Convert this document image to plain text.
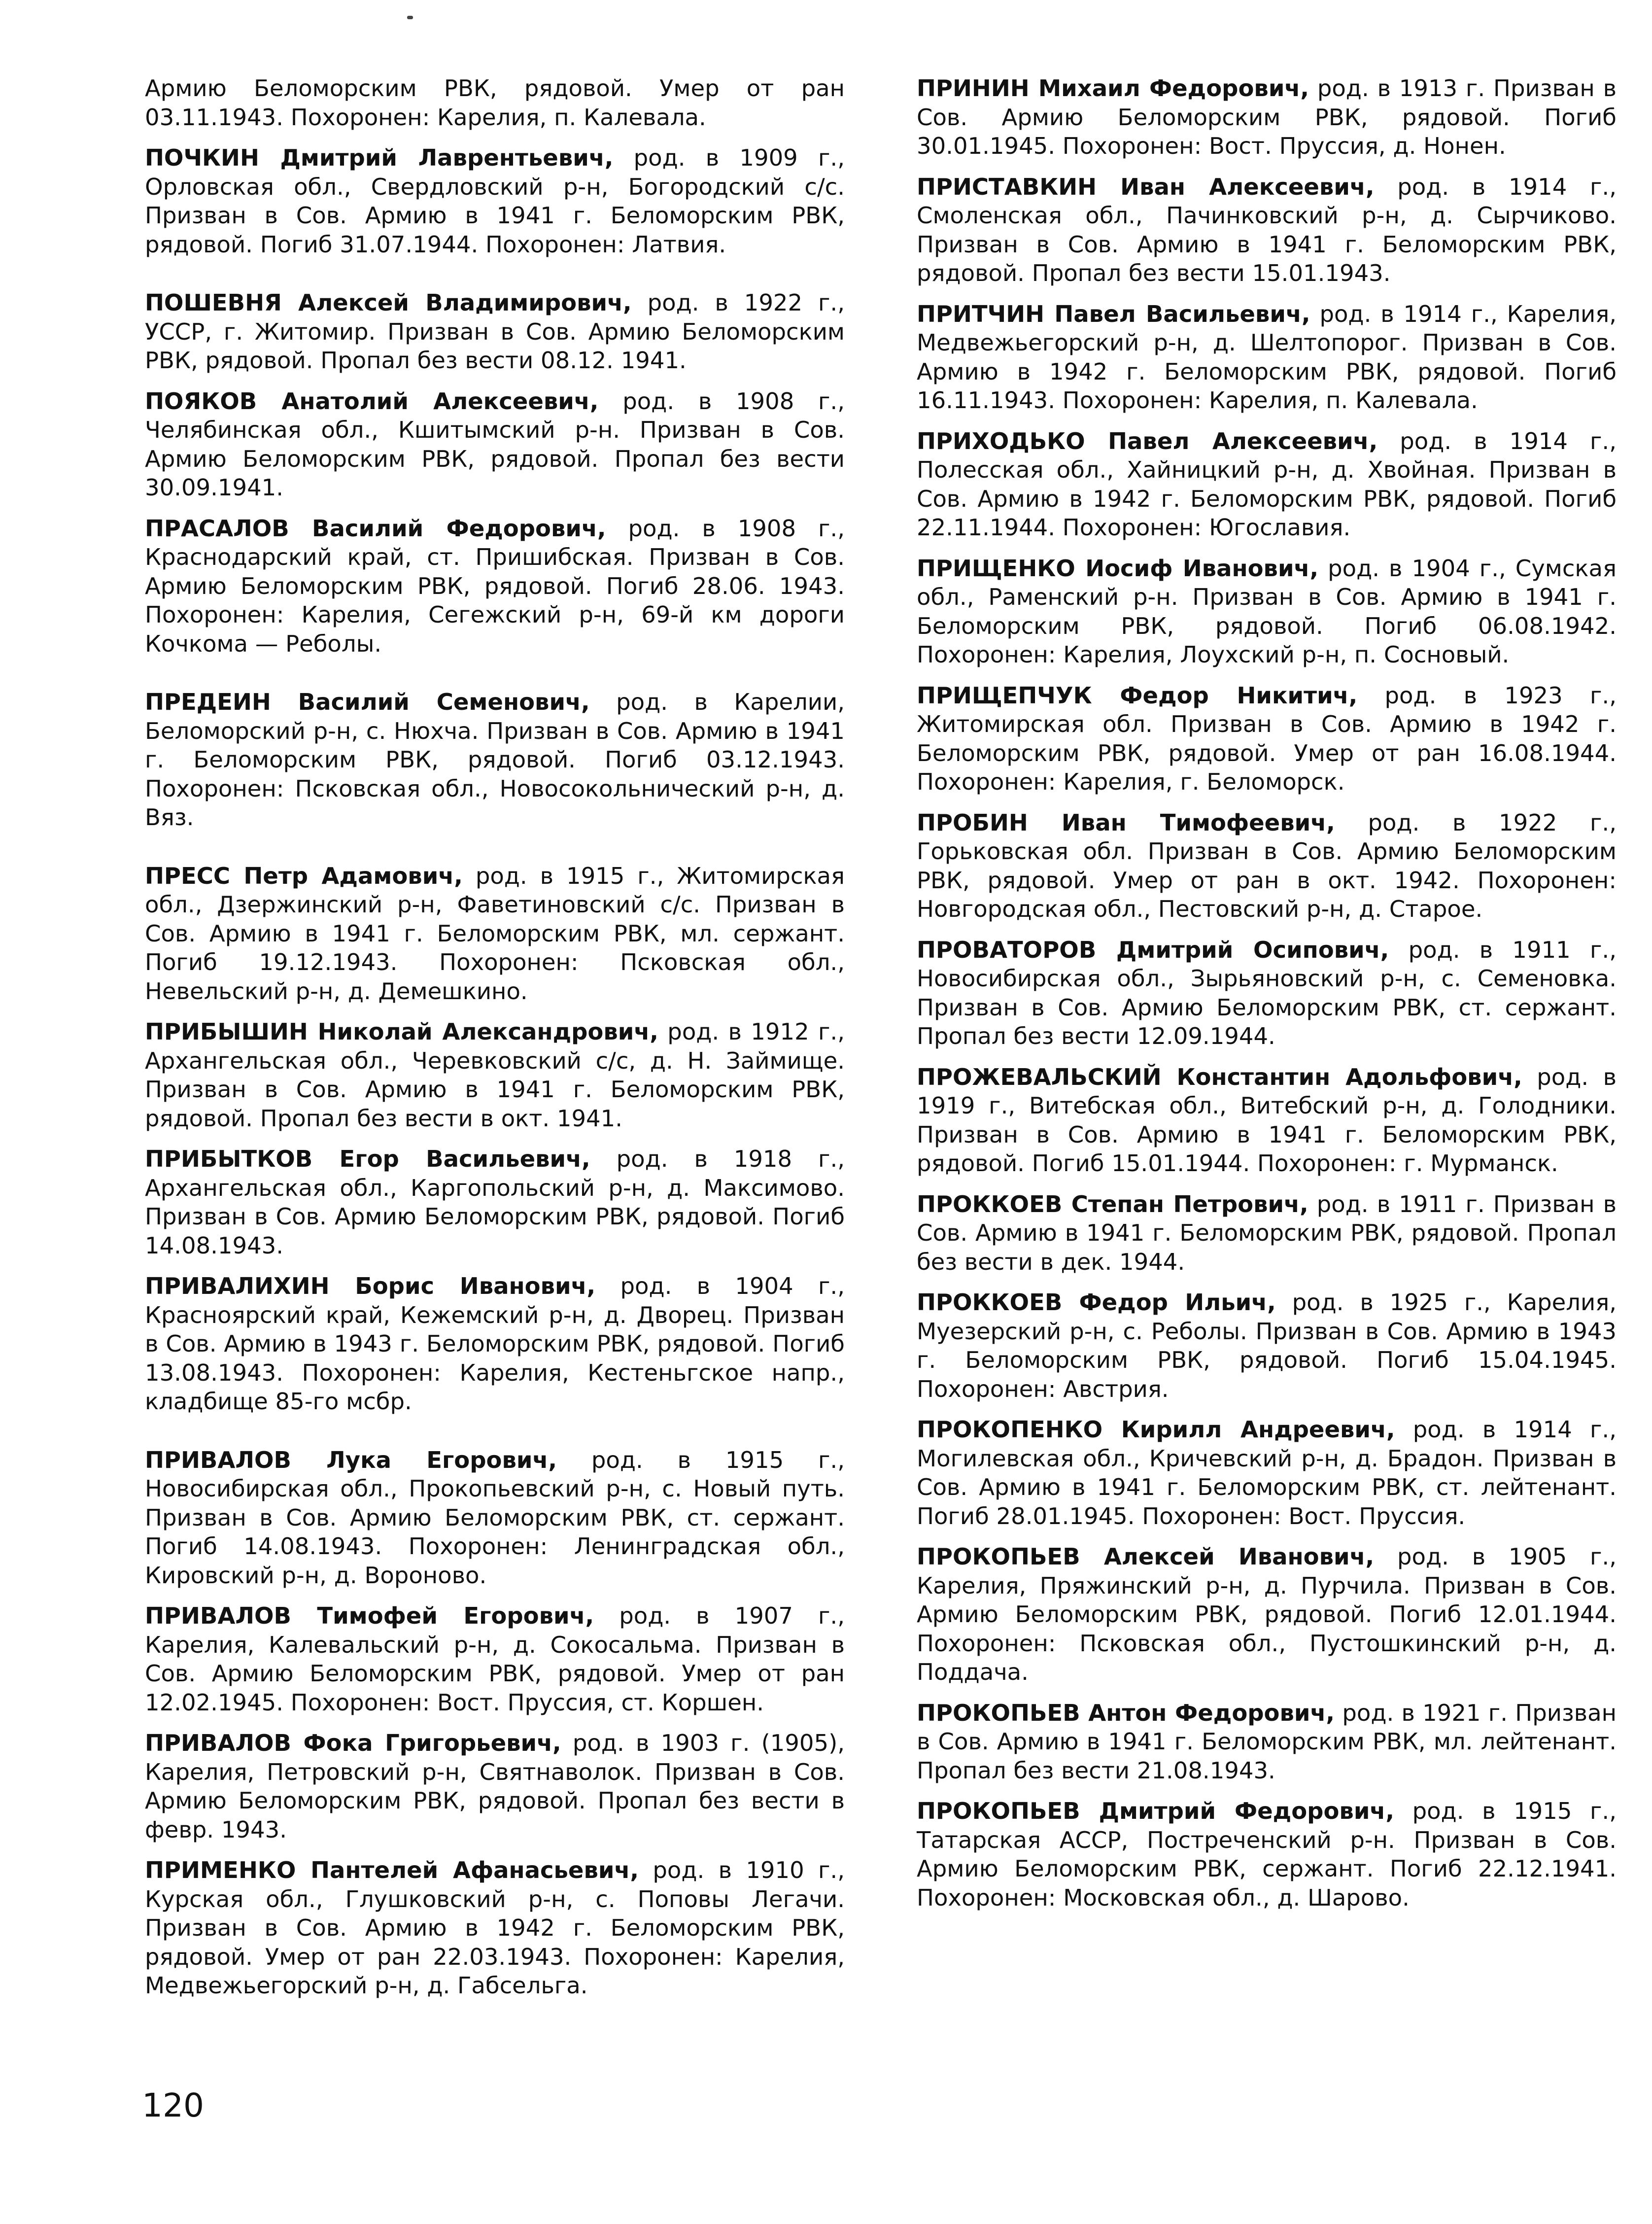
Армию Беломорским РВК, рядовой. Умер от ран 03.11.1943. Похоронен: Карелия, п. Калевала.

ПОЧКИН Дмитрий Лаврентьевич, род. в 1909 г., Орловская обл., Свердловский р-н, Богородский с/с. Призван в Сов. Армию в 1941 г. Беломорским РВК, рядовой. Погиб 31.07.1944. Похоронен: Латвия.

ПОШЕВНЯ Алексей Владимирович, род. в 1922 г., УССР, г. Житомир. Призван в Сов. Армию Беломорским РВК, рядовой. Пропал без вести 08.12. 1941.

ПОЯКОВ Анатолий Алексеевич, род. в 1908 г., Челябинская обл., Кшитымский р-н. Призван в Сов. Армию Беломорским РВК, рядовой. Пропал без вести 30.09.1941.

ПРАСАЛОВ Василий Федорович, род. в 1908 г., Краснодарский край, ст. Пришибская. Призван в Сов. Армию Беломорским РВК, рядовой. Погиб 28.06. 1943. Похоронен: Карелия, Сегежский р-н, 69-й км дороги Кочкома — Реболы.

ПРЕДЕИН Василий Семенович, род. в Карелии, Беломорский р-н, с. Нюхча. Призван в Сов. Армию в 1941 г. Беломорским РВК, рядовой. Погиб 03.12.1943. Похоронен: Псковская обл., Новосокольнический р-н, д. Вяз.

ПРЕСС Петр Адамович, род. в 1915 г., Житомирская обл., Дзержинский р-н, Фаветиновский с/с. Призван в Сов. Армию в 1941 г. Беломорским РВК, мл. сержант. Погиб 19.12.1943. Похоронен: Псковская обл., Невельский р-н, д. Демешкино.

ПРИБЫШИН Николай Александрович, род. в 1912 г., Архангельская обл., Черевковский с/с, д. Н. Займище. Призван в Сов. Армию в 1941 г. Беломорским РВК, рядовой. Пропал без вести в окт. 1941.

ПРИБЫТКОВ Егор Васильевич, род. в 1918 г., Архангельская обл., Каргопольский р-н, д. Максимово. Призван в Сов. Армию Беломорским РВК, рядовой. Погиб 14.08.1943.

ПРИВАЛИХИН Борис Иванович, род. в 1904 г., Красноярский край, Кежемский р-н, д. Дворец. Призван в Сов. Армию в 1943 г. Беломорским РВК, рядовой. Погиб 13.08.1943. Похоронен: Карелия, Кестеньгское напр., кладбище 85-го мсбр.

ПРИВАЛОВ Лука Егорович, род. в 1915 г., Новосибирская обл., Прокопьевский р-н, с. Новый путь. Призван в Сов. Армию Беломорским РВК, ст. сержант. Погиб 14.08.1943. Похоронен: Ленинградская обл., Кировский р-н, д. Вороново.

ПРИВАЛОВ Тимофей Егорович, род. в 1907 г., Карелия, Калевальский р-н, д. Сокосальма. Призван в Сов. Армию Беломорским РВК, рядовой. Умер от ран 12.02.1945. Похоронен: Вост. Пруссия, ст. Коршен.

ПРИВАЛОВ Фока Григорьевич, род. в 1903 г. (1905), Карелия, Петровский р-н, Святнаволок. Призван в Сов. Армию Беломорским РВК, рядовой. Пропал без вести в февр. 1943.

ПРИМЕНКО Пантелей Афанасьевич, род. в 1910 г., Курская обл., Глушковский р-н, с. Поповы Легачи. Призван в Сов. Армию в 1942 г. Беломорским РВК, рядовой. Умер от ран 22.03.1943. Похоронен: Карелия, Медвежьегорский р-н, д. Габсельга.

ПРИНИН Михаил Федорович, род. в 1913 г. Призван в Сов. Армию Беломорским РВК, рядовой. Погиб 30.01.1945. Похоронен: Вост. Пруссия, д. Нонен.

ПРИСТАВКИН Иван Алексеевич, род. в 1914 г., Смоленская обл., Пачинковский р-н, д. Сырчиково. Призван в Сов. Армию в 1941 г. Беломорским РВК, рядовой. Пропал без вести 15.01.1943.

ПРИТЧИН Павел Васильевич, род. в 1914 г., Карелия, Медвежьегорский р-н, д. Шелтопорог. Призван в Сов. Армию в 1942 г. Беломорским РВК, рядовой. Погиб 16.11.1943. Похоронен: Карелия, п. Калевала.

ПРИХОДЬКО Павел Алексеевич, род. в 1914 г., Полесская обл., Хайницкий р-н, д. Хвойная. Призван в Сов. Армию в 1942 г. Беломорским РВК, рядовой. Погиб 22.11.1944. Похоронен: Югославия.

ПРИЩЕНКО Иосиф Иванович, род. в 1904 г., Сумская обл., Раменский р-н. Призван в Сов. Армию в 1941 г. Беломорским РВК, рядовой. Погиб 06.08.1942. Похоронен: Карелия, Лоухский р-н, п. Сосновый.

ПРИЩЕПЧУК Федор Никитич, род. в 1923 г., Житомирская обл. Призван в Сов. Армию в 1942 г. Беломорским РВК, рядовой. Умер от ран 16.08.1944. Похоронен: Карелия, г. Беломорск.

ПРОБИН Иван Тимофеевич, род. в 1922 г., Горьковская обл. Призван в Сов. Армию Беломорским РВК, рядовой. Умер от ран в окт. 1942. Похоронен: Новгородская обл., Пестовский р-н, д. Старое.

ПРОВАТОРОВ Дмитрий Осипович, род. в 1911 г., Новосибирская обл., Зырьяновский р-н, с. Семеновка. Призван в Сов. Армию Беломорским РВК, ст. сержант. Пропал без вести 12.09.1944.

ПРОЖЕВАЛЬСКИЙ Константин Адольфович, род. в 1919 г., Витебская обл., Витебский р-н, д. Голодники. Призван в Сов. Армию в 1941 г. Беломорским РВК, рядовой. Погиб 15.01.1944. Похоронен: г. Мурманск.

ПРОККОЕВ Степан Петрович, род. в 1911 г. Призван в Сов. Армию в 1941 г. Беломорским РВК, рядовой. Пропал без вести в дек. 1944.

ПРОККОЕВ Федор Ильич, род. в 1925 г., Карелия, Муезерский р-н, с. Реболы. Призван в Сов. Армию в 1943 г. Беломорским РВК, рядовой. Погиб 15.04.1945. Похоронен: Австрия.

ПРОКОПЕНКО Кирилл Андреевич, род. в 1914 г., Могилевская обл., Кричевский р-н, д. Брадон. Призван в Сов. Армию в 1941 г. Беломорским РВК, ст. лейтенант. Погиб 28.01.1945. Похоронен: Вост. Пруссия.

ПРОКОПЬЕВ Алексей Иванович, род. в 1905 г., Карелия, Пряжинский р-н, д. Пурчила. Призван в Сов. Армию Беломорским РВК, рядовой. Погиб 12.01.1944. Похоронен: Псковская обл., Пустошкинский р-н, д. Поддача.

ПРОКОПЬЕВ Антон Федорович, род. в 1921 г. Призван в Сов. Армию в 1941 г. Беломорским РВК, мл. лейтенант. Пропал без вести 21.08.1943.

ПРОКОПЬЕВ Дмитрий Федорович, род. в 1915 г., Татарская АССР, Постреченский р-н. Призван в Сов. Армию Беломорским РВК, сержант. Погиб 22.12.1941. Похоронен: Московская обл., д. Шарово.

120
